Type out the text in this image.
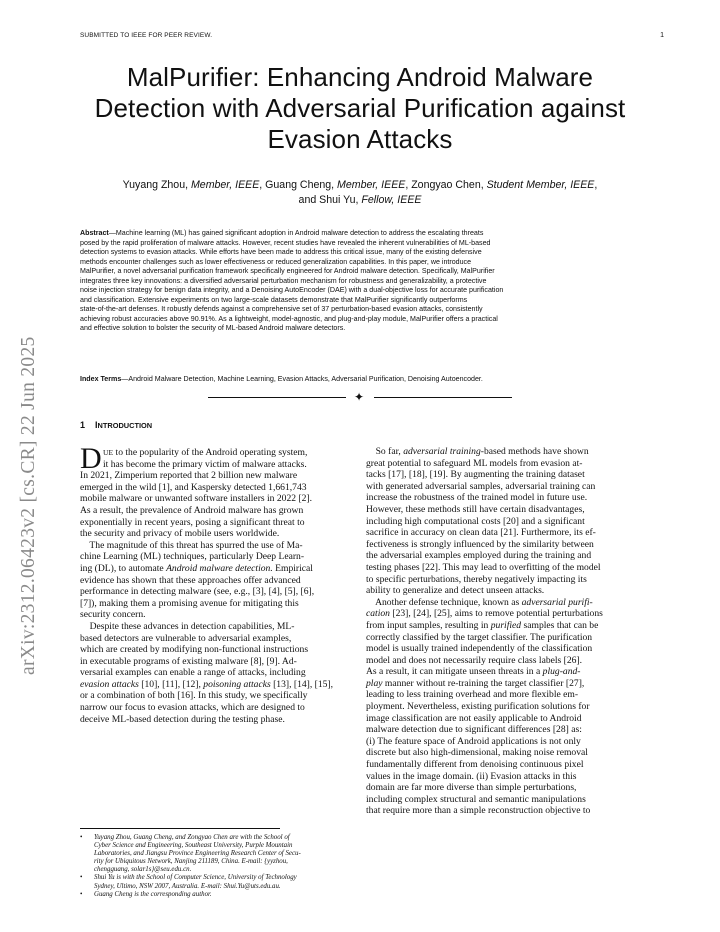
SUBMITTED TO IEEE FOR PEER REVIEW.	1
arXiv:2312.06423v2 [cs.CR] 22 Jun 2025
MalPurifier: Enhancing Android Malware
Detection with Adversarial Purification against
Evasion Attacks
Yuyang Zhou, Member, IEEE, Guang Cheng, Member, IEEE, Zongyao Chen, Student Member, IEEE,
and Shui Yu, Fellow, IEEE
Abstract—Machine learning (ML) has gained significant adoption in Android malware detection to address the escalating threats
posed by the rapid proliferation of malware attacks. However, recent studies have revealed the inherent vulnerabilities of ML-based
detection systems to evasion attacks. While efforts have been made to address this critical issue, many of the existing defensive
methods encounter challenges such as lower effectiveness or reduced generalization capabilities. In this paper, we introduce
MalPurifier, a novel adversarial purification framework specifically engineered for Android malware detection. Specifically, MalPurifier
integrates three key innovations: a diversified adversarial perturbation mechanism for robustness and generalizability, a protective
noise injection strategy for benign data integrity, and a Denoising AutoEncoder (DAE) with a dual-objective loss for accurate purification
and classification. Extensive experiments on two large-scale datasets demonstrate that MalPurifier significantly outperforms
state-of-the-art defenses. It robustly defends against a comprehensive set of 37 perturbation-based evasion attacks, consistently
achieving robust accuracies above 90.91%. As a lightweight, model-agnostic, and plug-and-play module, MalPurifier offers a practical
and effective solution to bolster the security of ML-based Android malware detectors.
Index Terms—Android Malware Detection, Machine Learning, Evasion Attacks, Adversarial Purification, Denoising Autoencoder.
✦
1 INTRODUCTION
D UE to the popularity of the Android operating system,
it has become the primary victim of malware attacks.
In 2021, Zimperium reported that 2 billion new malware
emerged in the wild [1], and Kaspersky detected 1,661,743
mobile malware or unwanted software installers in 2022 [2].
As a result, the prevalence of Android malware has grown
exponentially in recent years, posing a significant threat to
the security and privacy of mobile users worldwide.
The magnitude of this threat has spurred the use of Ma-
chine Learning (ML) techniques, particularly Deep Learn-
ing (DL), to automate Android malware detection. Empirical
evidence has shown that these approaches offer advanced
performance in detecting malware (see, e.g., [3], [4], [5], [6],
[7]), making them a promising avenue for mitigating this
security concern.
Despite these advances in detection capabilities, ML-
based detectors are vulnerable to adversarial examples,
which are created by modifying non-functional instructions
in executable programs of existing malware [8], [9]. Ad-
versarial examples can enable a range of attacks, including
evasion attacks [10], [11], [12], poisoning attacks [13], [14], [15],
or a combination of both [16]. In this study, we specifically
narrow our focus to evasion attacks, which are designed to
deceive ML-based detection during the testing phase.
So far, adversarial training-based methods have shown
great potential to safeguard ML models from evasion at-
tacks [17], [18], [19]. By augmenting the training dataset
with generated adversarial samples, adversarial training can
increase the robustness of the trained model in future use.
However, these methods still have certain disadvantages,
including high computational costs [20] and a significant
sacrifice in accuracy on clean data [21]. Furthermore, its ef-
fectiveness is strongly influenced by the similarity between
the adversarial examples employed during the training and
testing phases [22]. This may lead to overfitting of the model
to specific perturbations, thereby negatively impacting its
ability to generalize and detect unseen attacks.
Another defense technique, known as adversarial purifi-
cation [23], [24], [25], aims to remove potential perturbations
from input samples, resulting in purified samples that can be
correctly classified by the target classifier. The purification
model is usually trained independently of the classification
model and does not necessarily require class labels [26].
As a result, it can mitigate unseen threats in a plug-and-
play manner without re-training the target classifier [27],
leading to less training overhead and more flexible em-
ployment. Nevertheless, existing purification solutions for
image classification are not easily applicable to Android
malware detection due to significant differences [28] as:
(i) The feature space of Android applications is not only
discrete but also high-dimensional, making noise removal
fundamentally different from denoising continuous pixel
values in the image domain. (ii) Evasion attacks in this
domain are far more diverse than simple perturbations,
including complex structural and semantic manipulations
that require more than a simple reconstruction objective to
• Yuyang Zhou, Guang Cheng, and Zongyao Chen are with the School of
Cyber Science and Engineering, Southeast University, Purple Mountain
Laboratories, and Jiangsu Province Engineering Research Center of Secu-
rity for Ubiquitous Network, Nanjing 211189, China. E-mail: {yyzhou,
chengguang, solar1s}@seu.edu.cn.
• Shui Yu is with the School of Computer Science, University of Technology
Sydney, Ultimo, NSW 2007, Australia. E-mail: Shui.Yu@uts.edu.au.
• Guang Cheng is the corresponding author.
